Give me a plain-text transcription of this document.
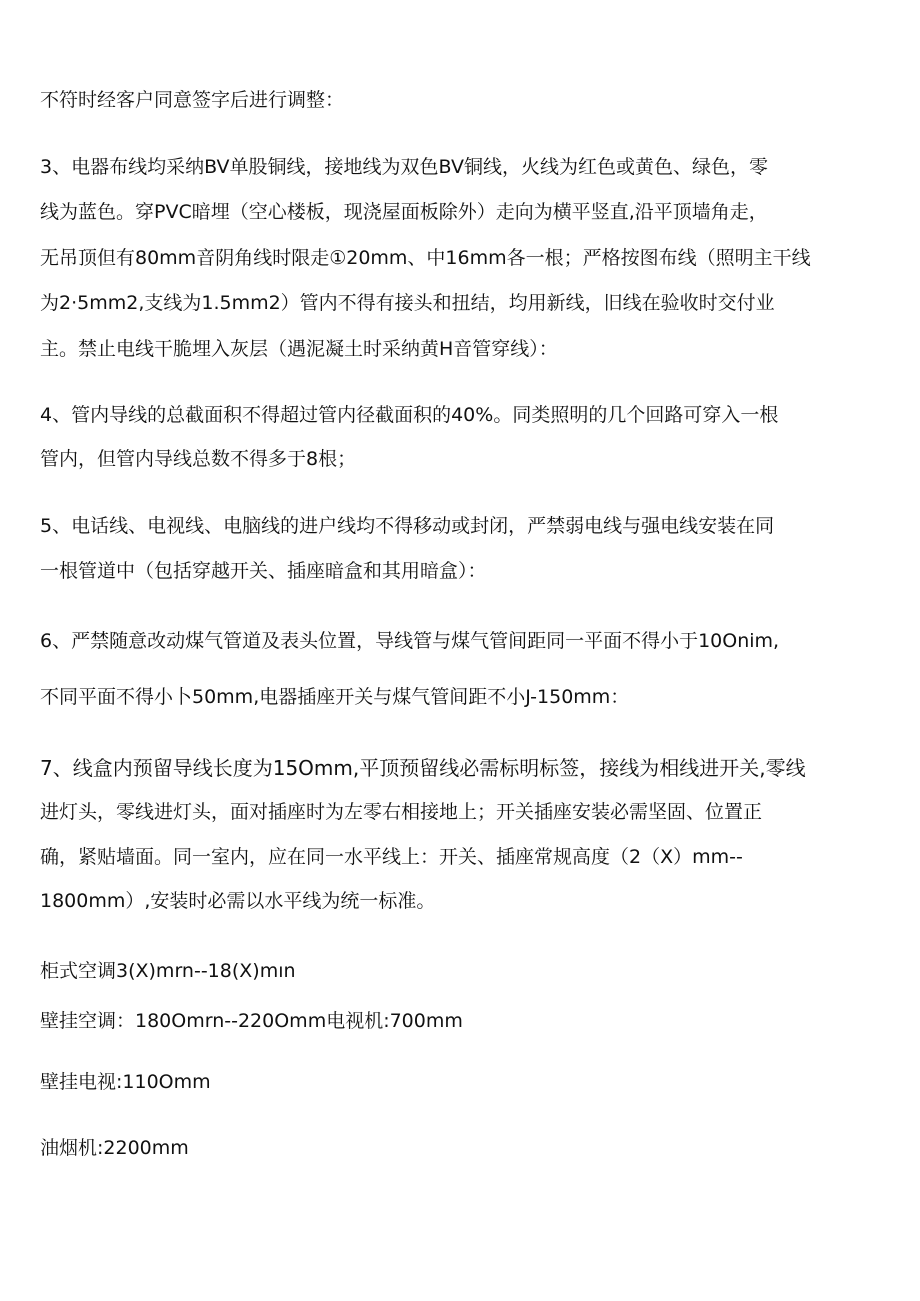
不符时经客户同意签字后进行调整：
3、电器布线均采纳BV单股铜线，接地线为双色BV铜线，火线为红色或黄色、绿色，零
线为蓝色。穿PVC暗埋（空心楼板，现浇屋面板除外）走向为横平竖直,沿平顶墙角走，
无吊顶但有80mm音阴角线时限走①20mm、中16mm各一根；严格按图布线（照明主干线
为2·5mm2,支线为1.5mm2）管内不得有接头和扭结，均用新线，旧线在验收时交付业
主。禁止电线干脆埋入灰层（遇泥凝土时采纳黄H音管穿线）：
4、管内导线的总截面积不得超过管内径截面积的40%。同类照明的几个回路可穿入一根
管内，但管内导线总数不得多于8根；
5、电话线、电视线、电脑线的进户线均不得移动或封闭，严禁弱电线与强电线安装在同
一根管道中（包括穿越开关、插座暗盒和其用暗盒）：
6、严禁随意改动煤气管道及表头位置，导线管与煤气管间距同一平面不得小于10Onim,
不同平面不得小卜50mm,电器插座开关与煤气管间距不小J-150mm：
7、线盒内预留导线长度为15Omm,平顶预留线必需标明标签，接线为相线进开关,零线
进灯头，零线进灯头，面对插座时为左零右相接地上；开关插座安装必需坚固、位置正
确，紧贴墙面。同一室内，应在同一水平线上：开关、插座常规高度（2（X）mm--
1800mm）,安装时必需以水平线为统一标准。
柜式空调3(X)mrn--18(X)mın
壁挂空调：180Omrn--220Omm电视机:700mm
壁挂电视:110Omm
油烟机:2200mm
